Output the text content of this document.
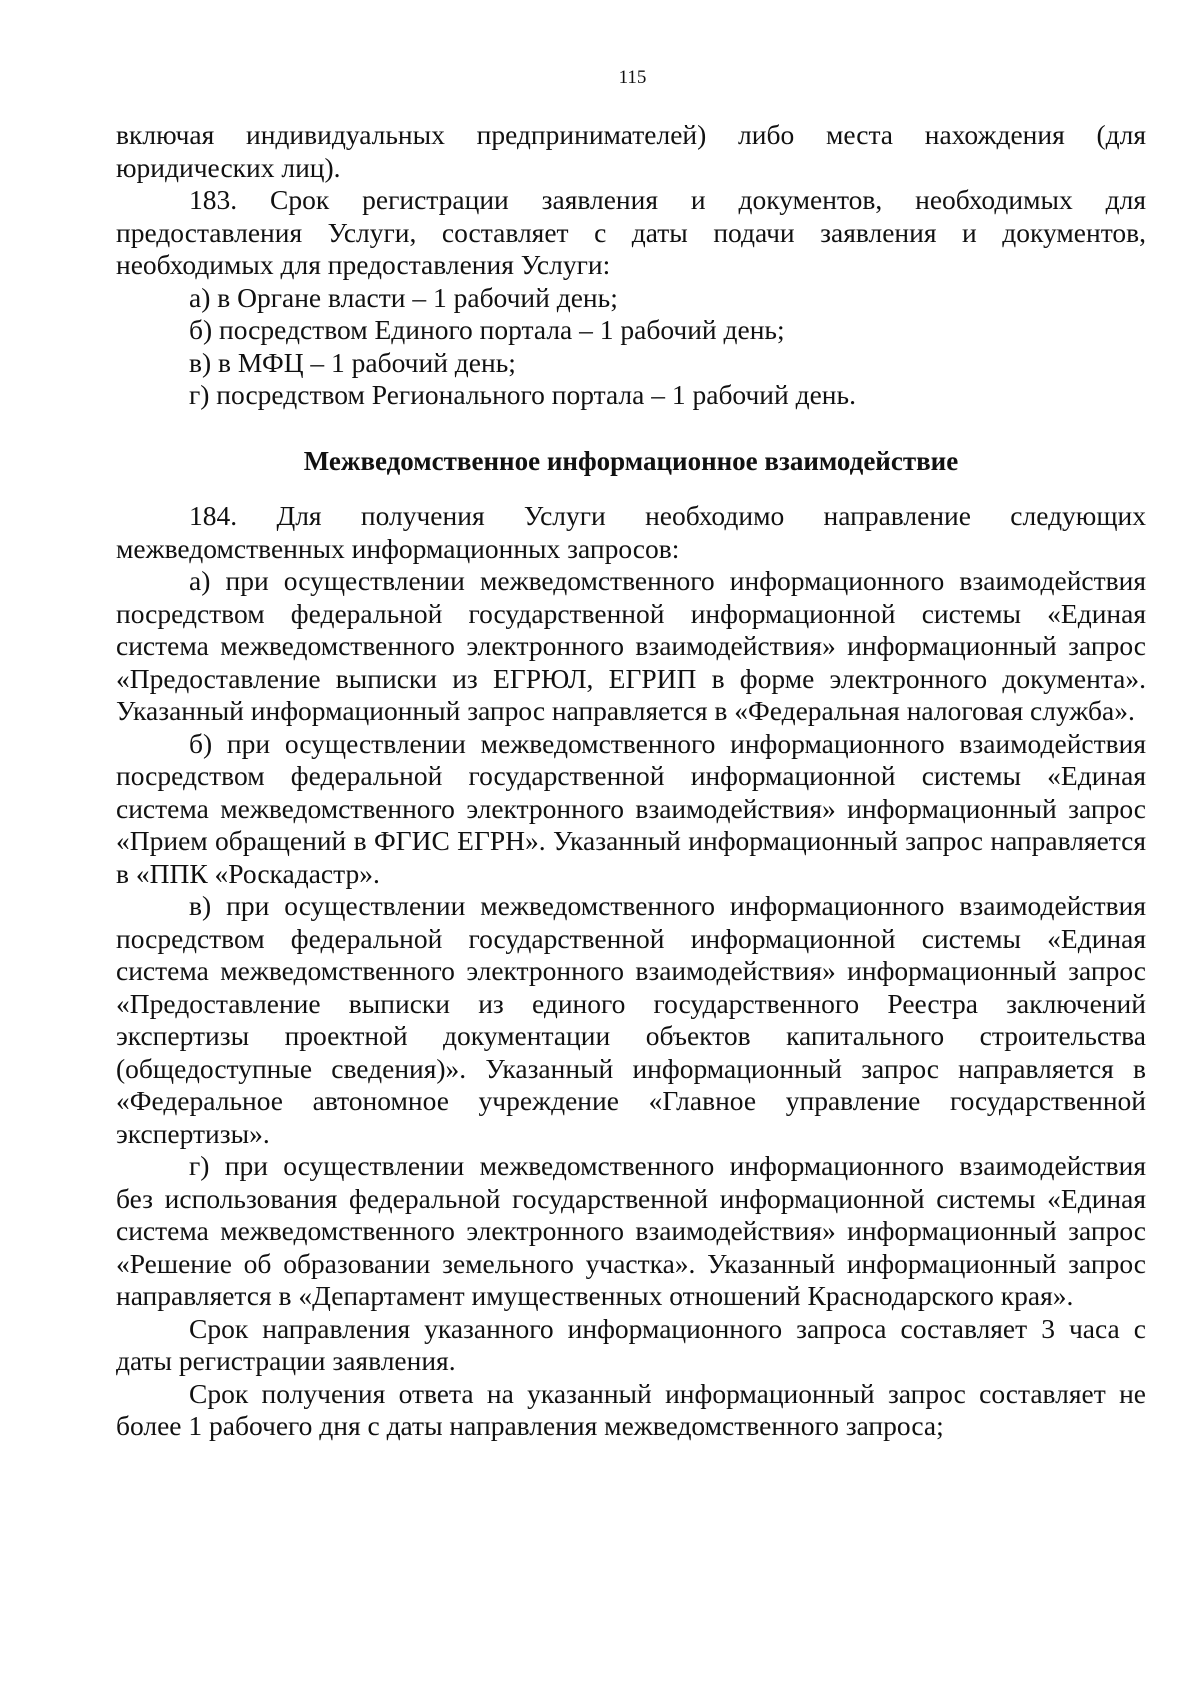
115

включая индивидуальных предпринимателей) либо места нахождения (для юридических лиц).

183. Срок регистрации заявления и документов, необходимых для предоставления Услуги, составляет с даты подачи заявления и документов, необходимых для предоставления Услуги:

а) в Органе власти – 1 рабочий день;

б) посредством Единого портала – 1 рабочий день;

в) в МФЦ – 1 рабочий день;

г) посредством Регионального портала – 1 рабочий день.

Межведомственное информационное взаимодействие

184. Для получения Услуги необходимо направление следующих межведомственных информационных запросов:

а) при осуществлении межведомственного информационного взаимодействия посредством федеральной государственной информационной системы «Единая система межведомственного электронного взаимодействия» информационный запрос «Предоставление выписки из ЕГРЮЛ, ЕГРИП в форме электронного документа». Указанный информационный запрос направляется в «Федеральная налоговая служба».

б) при осуществлении межведомственного информационного взаимодействия посредством федеральной государственной информационной системы «Единая система межведомственного электронного взаимодействия» информационный запрос «Прием обращений в ФГИС ЕГРН». Указанный информационный запрос направляется в «ППК «Роскадастр».

в) при осуществлении межведомственного информационного взаимодействия посредством федеральной государственной информационной системы «Единая система межведомственного электронного взаимодействия» информационный запрос «Предоставление выписки из единого государственного Реестра заключений экспертизы проектной документации объектов капитального строительства (общедоступные сведения)». Указанный информационный запрос направляется в «Федеральное автономное учреждение «Главное управление государственной экспертизы».

г) при осуществлении межведомственного информационного взаимодействия без использования федеральной государственной информационной системы «Единая система межведомственного электронного взаимодействия» информационный запрос «Решение об образовании земельного участка». Указанный информационный запрос направляется в «Департамент имущественных отношений Краснодарского края».

Срок направления указанного информационного запроса составляет 3 часа с даты регистрации заявления.

Срок получения ответа на указанный информационный запрос составляет не более 1 рабочего дня с даты направления межведомственного запроса;
